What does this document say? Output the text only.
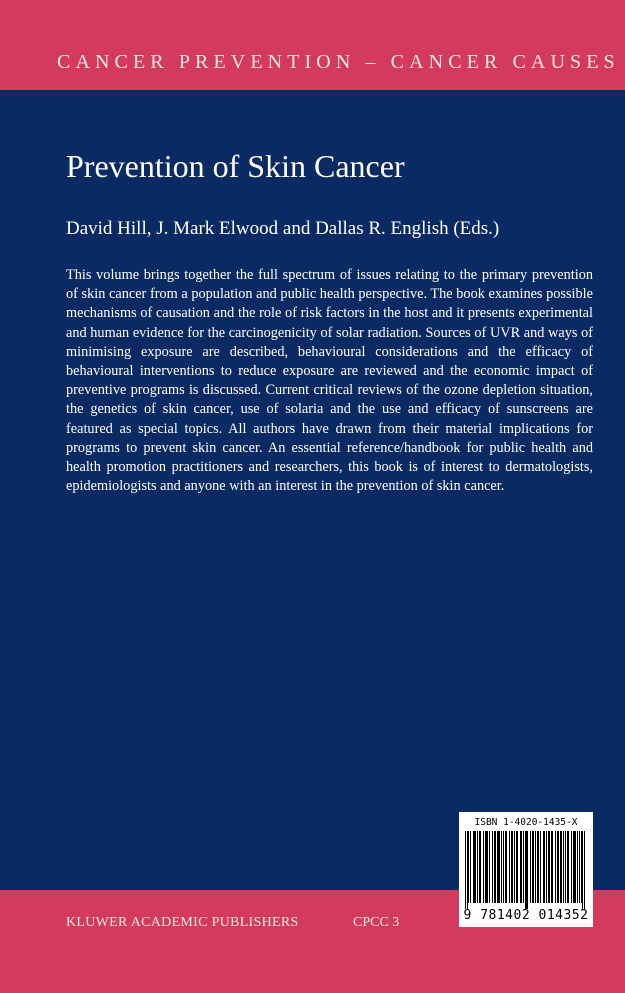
CANCER PREVENTION – CANCER CAUSES
Prevention of Skin Cancer
David Hill, J. Mark Elwood and Dallas R. English (Eds.)

This volume brings together the full spectrum of issues relating to the primary prevention of skin cancer from a population and public health perspective. The book examines possible mechanisms of causation and the role of risk factors in the host and it presents experimental and human evidence for the carcinogenicity of solar radiation. Sources of UVR and ways of minimising exposure are described, behavioural considerations and the efficacy of behavioural interventions to reduce exposure are reviewed and the economic impact of preventive programs is discussed. Current critical reviews of the ozone depletion situation, the genetics of skin cancer, use of solaria and the use and efficacy of sunscreens are featured as special topics. All authors have drawn from their material implications for programs to prevent skin cancer. An essential reference/handbook for public health and health promotion practitioners and researchers, this book is of interest to dermatologists, epidemiologists and anyone with an interest in the prevention of skin cancer.

KLUWER ACADEMIC PUBLISHERS	CPCC 3
ISBN 1-4020-1435-X
9 781402 014352
